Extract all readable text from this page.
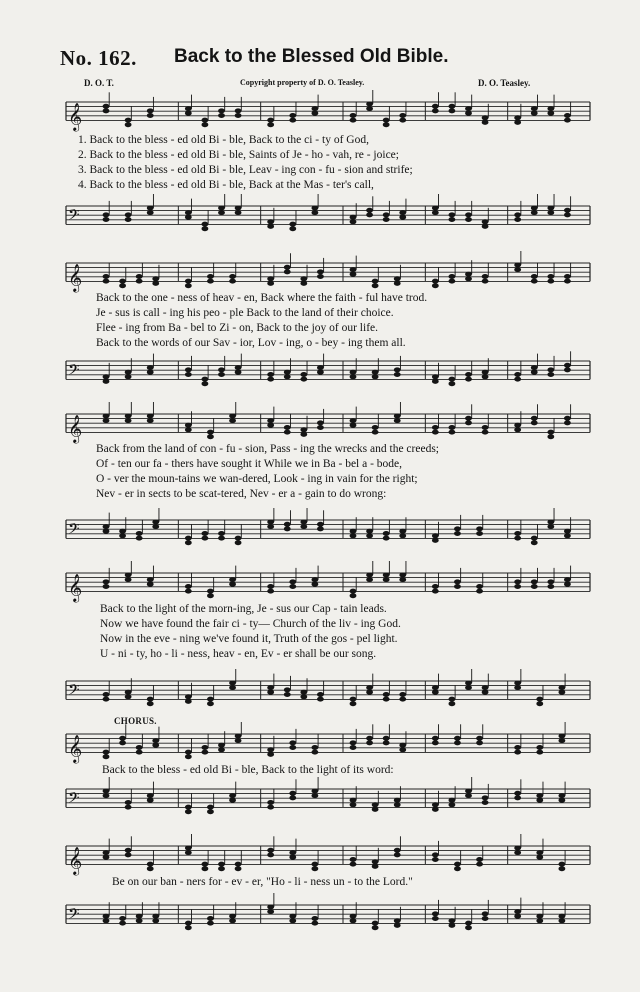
No. 162. Back to the Blessed Old Bible.
D. O. T.	Copyright property of D. O. Teasley.	D. O. Teasley.
CHORUS.
𝄞
1. Back to the bless - ed old Bi - ble, Back to the ci - ty of God,
2. Back to the bless - ed old Bi - ble, Saints of Je - ho - vah, re - joice;
3. Back to the bless - ed old Bi - ble, Leav - ing con - fu - sion and strife;
4. Back to the bless - ed old Bi - ble, Back at the Mas - ter's call,
𝄢
𝄞
Back to the one - ness of heav - en, Back where the faith - ful have trod.
Je - sus is call - ing his peo - ple Back to the land of their choice.
Flee - ing from Ba - bel to Zi - on, Back to the joy of our life.
Back to the words of our Sav - ior, Lov - ing, o - bey - ing them all.
𝄢
𝄞
Back from the land of con - fu - sion, Pass - ing the wrecks and the creeds;
Of - ten our fa - thers have sought it While we in Ba - bel a - bode,
O - ver the moun-tains we wan-dered, Look - ing in vain for the right;
Nev - er in sects to be scat-tered, Nev - er a - gain to do wrong:
𝄢
𝄞
Back to the light of the morn-ing, Je - sus our Cap - tain leads.
Now we have found the fair ci - ty— Church of the liv - ing God.
Now in the eve - ning we've found it, Truth of the gos - pel light.
U - ni - ty, ho - li - ness, heav - en, Ev - er shall be our song.
𝄢
𝄞
Back to the bless - ed old Bi - ble, Back to the light of its word:
𝄢
𝄞
Be on our ban - ners for - ev - er, "Ho - li - ness un - to the Lord."
𝄢
